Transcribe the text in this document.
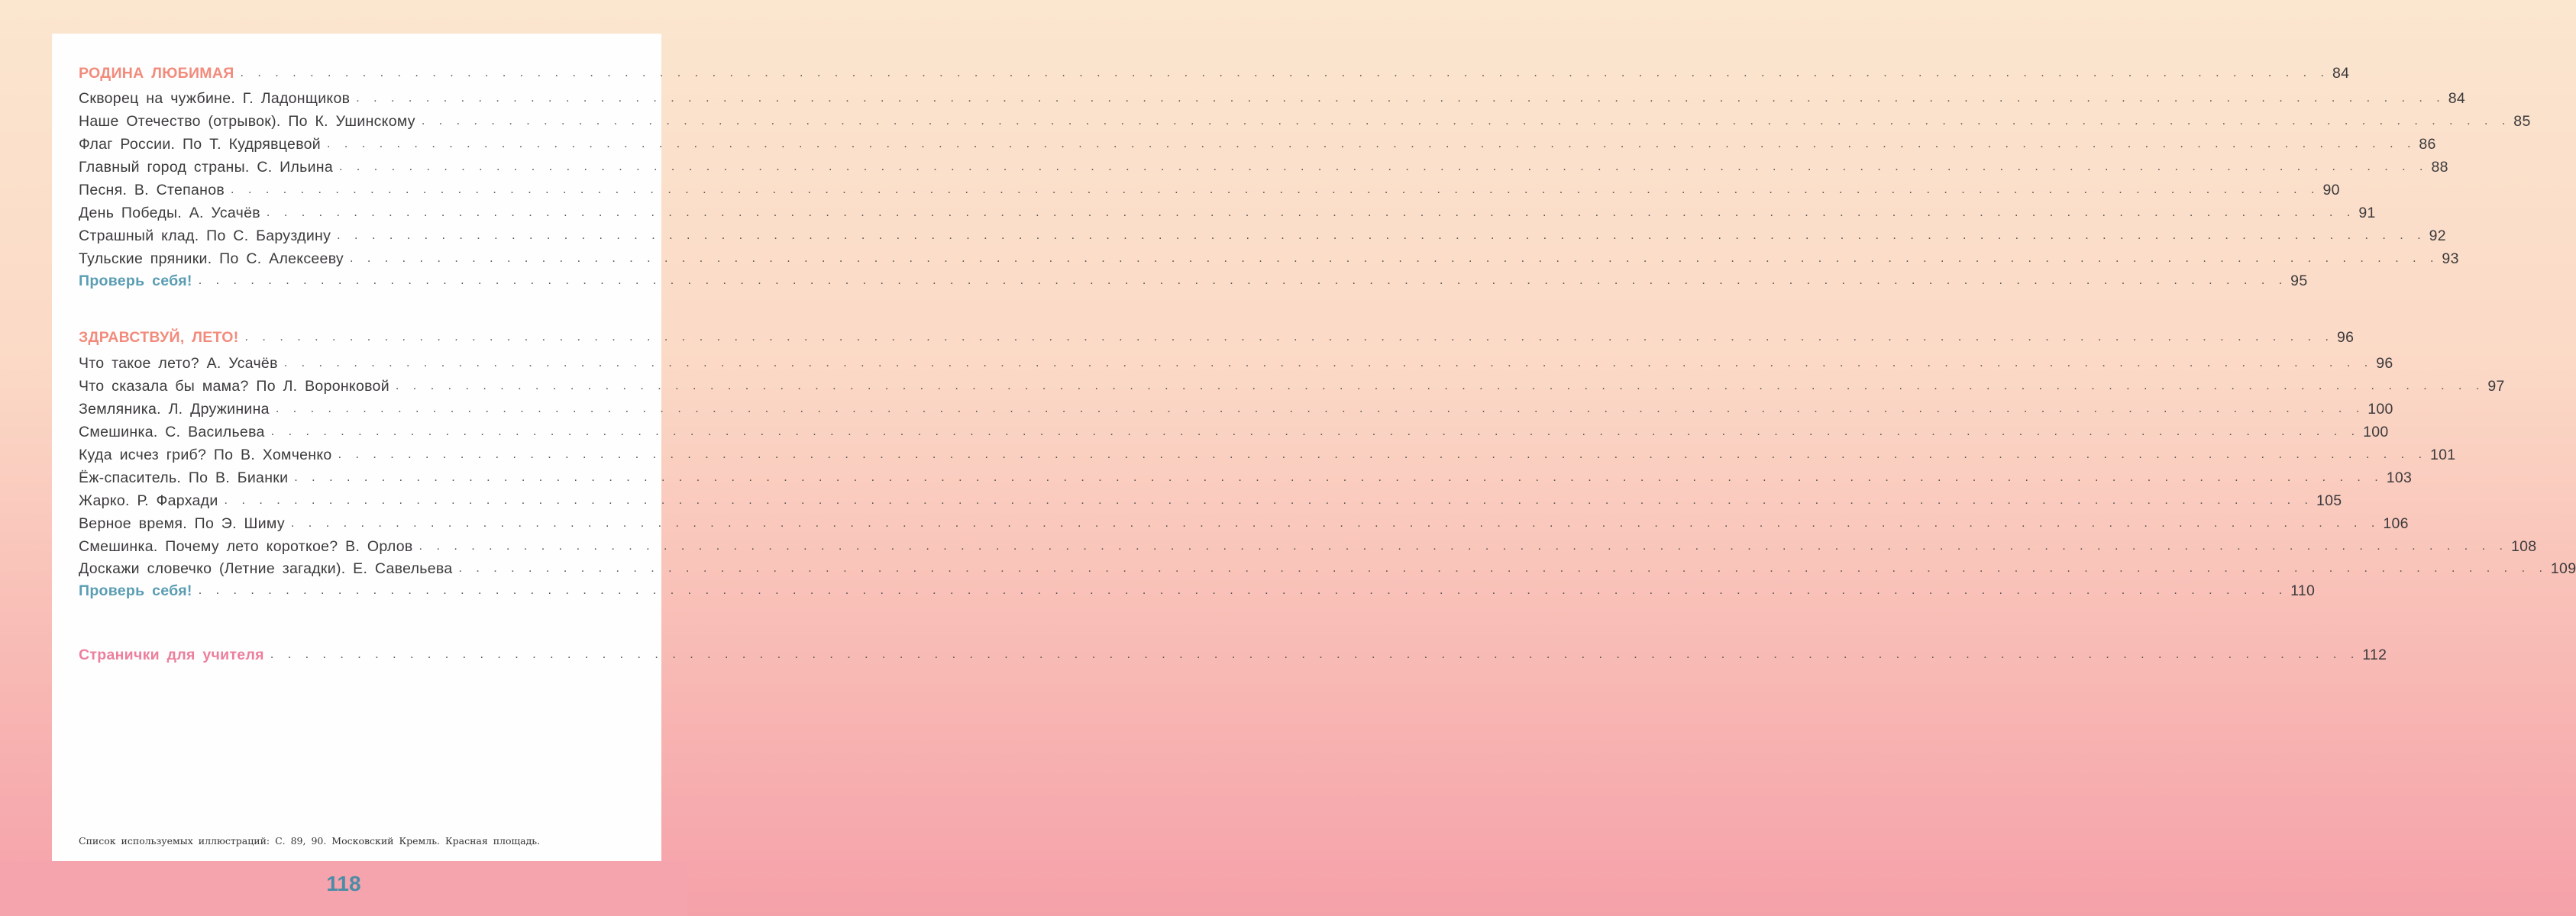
РОДИНА ЛЮБИМАЯ . . . . . . . . . . . . . . . . . . . . . . . . . . . . . . . . . . . . . . . . . . . . . . . . . . . . . . . . . . . . . . . . . . . . . . . . . . . . . . . . . . . . . . . . . . . . . . . . . . . . . . . . . . . . . . . . . . . . . . . . 84
Скворец на чужбине. Г. Ладонщиков . . . . . . . . . . . . . . . . . . . . . . . . . . . . . . . . . . . . . . . . . . . . . . . . . . . . . . . . . . . . . . . . . . . . . . . . . . . . . . . . . . . . . . . . . . . . . . . . . . . . . . . . . . . . . . . . . . . . . . . . 84
Наше Отечество (отрывок). По К. Ушинскому . . . . . . . . . . . . . . . . . . . . . . . . . . . . . . . . . . . . . . . . . . . . . . . . . . . . . . . . . . . . . . . . . . . . . . . . . . . . . . . . . . . . . . . . . . . . . . . . . . . . . . . . . . . . . . . . . . . . . . . . 85
Флаг России. По Т. Кудрявцевой . . . . . . . . . . . . . . . . . . . . . . . . . . . . . . . . . . . . . . . . . . . . . . . . . . . . . . . . . . . . . . . . . . . . . . . . . . . . . . . . . . . . . . . . . . . . . . . . . . . . . . . . . . . . . . . . . . . . . . . . 86
Главный город страны. С. Ильина . . . . . . . . . . . . . . . . . . . . . . . . . . . . . . . . . . . . . . . . . . . . . . . . . . . . . . . . . . . . . . . . . . . . . . . . . . . . . . . . . . . . . . . . . . . . . . . . . . . . . . . . . . . . . . . . . . . . . . . . 88
Песня. В. Степанов . . . . . . . . . . . . . . . . . . . . . . . . . . . . . . . . . . . . . . . . . . . . . . . . . . . . . . . . . . . . . . . . . . . . . . . . . . . . . . . . . . . . . . . . . . . . . . . . . . . . . . . . . . . . . . . . . . . . . . . . 90
День Победы. А. Усачёв . . . . . . . . . . . . . . . . . . . . . . . . . . . . . . . . . . . . . . . . . . . . . . . . . . . . . . . . . . . . . . . . . . . . . . . . . . . . . . . . . . . . . . . . . . . . . . . . . . . . . . . . . . . . . . . . . . . . . . . . 91
Страшный клад. По С. Баруздину . . . . . . . . . . . . . . . . . . . . . . . . . . . . . . . . . . . . . . . . . . . . . . . . . . . . . . . . . . . . . . . . . . . . . . . . . . . . . . . . . . . . . . . . . . . . . . . . . . . . . . . . . . . . . . . . . . . . . . . . 92
Тульские пряники. По С. Алексееву . . . . . . . . . . . . . . . . . . . . . . . . . . . . . . . . . . . . . . . . . . . . . . . . . . . . . . . . . . . . . . . . . . . . . . . . . . . . . . . . . . . . . . . . . . . . . . . . . . . . . . . . . . . . . . . . . . . . . . . . 93
Проверь себя! . . . . . . . . . . . . . . . . . . . . . . . . . . . . . . . . . . . . . . . . . . . . . . . . . . . . . . . . . . . . . . . . . . . . . . . . . . . . . . . . . . . . . . . . . . . . . . . . . . . . . . . . . . . . . . . . . . . . . . . . 95
ЗДРАВСТВУЙ, ЛЕТО! . . . . . . . . . . . . . . . . . . . . . . . . . . . . . . . . . . . . . . . . . . . . . . . . . . . . . . . . . . . . . . . . . . . . . . . . . . . . . . . . . . . . . . . . . . . . . . . . . . . . . . . . . . . . . . . . . . . . . . . . 96
Что такое лето? А. Усачёв . . . . . . . . . . . . . . . . . . . . . . . . . . . . . . . . . . . . . . . . . . . . . . . . . . . . . . . . . . . . . . . . . . . . . . . . . . . . . . . . . . . . . . . . . . . . . . . . . . . . . . . . . . . . . . . . . . . . . . . . 96
Что сказала бы мама? По Л. Воронковой . . . . . . . . . . . . . . . . . . . . . . . . . . . . . . . . . . . . . . . . . . . . . . . . . . . . . . . . . . . . . . . . . . . . . . . . . . . . . . . . . . . . . . . . . . . . . . . . . . . . . . . . . . . . . . . . . . . . . . . . 97
Земляника. Л. Дружинина . . . . . . . . . . . . . . . . . . . . . . . . . . . . . . . . . . . . . . . . . . . . . . . . . . . . . . . . . . . . . . . . . . . . . . . . . . . . . . . . . . . . . . . . . . . . . . . . . . . . . . . . . . . . . . . . . . . . . . . . 100
Смешинка. С. Васильева . . . . . . . . . . . . . . . . . . . . . . . . . . . . . . . . . . . . . . . . . . . . . . . . . . . . . . . . . . . . . . . . . . . . . . . . . . . . . . . . . . . . . . . . . . . . . . . . . . . . . . . . . . . . . . . . . . . . . . . . 100
Куда исчез гриб? По В. Хомченко . . . . . . . . . . . . . . . . . . . . . . . . . . . . . . . . . . . . . . . . . . . . . . . . . . . . . . . . . . . . . . . . . . . . . . . . . . . . . . . . . . . . . . . . . . . . . . . . . . . . . . . . . . . . . . . . . . . . . . . . 101
Ёж-спаситель. По В. Бианки . . . . . . . . . . . . . . . . . . . . . . . . . . . . . . . . . . . . . . . . . . . . . . . . . . . . . . . . . . . . . . . . . . . . . . . . . . . . . . . . . . . . . . . . . . . . . . . . . . . . . . . . . . . . . . . . . . . . . . . . 103
Жарко. Р. Фархади . . . . . . . . . . . . . . . . . . . . . . . . . . . . . . . . . . . . . . . . . . . . . . . . . . . . . . . . . . . . . . . . . . . . . . . . . . . . . . . . . . . . . . . . . . . . . . . . . . . . . . . . . . . . . . . . . . . . . . . . 105
Верное время. По Э. Шиму . . . . . . . . . . . . . . . . . . . . . . . . . . . . . . . . . . . . . . . . . . . . . . . . . . . . . . . . . . . . . . . . . . . . . . . . . . . . . . . . . . . . . . . . . . . . . . . . . . . . . . . . . . . . . . . . . . . . . . . . 106
Смешинка. Почему лето короткое? В. Орлов . . . . . . . . . . . . . . . . . . . . . . . . . . . . . . . . . . . . . . . . . . . . . . . . . . . . . . . . . . . . . . . . . . . . . . . . . . . . . . . . . . . . . . . . . . . . . . . . . . . . . . . . . . . . . . . . . . . . . . . . 108
Доскажи словечко (Летние загадки). Е. Савельева . . . . . . . . . . . . . . . . . . . . . . . . . . . . . . . . . . . . . . . . . . . . . . . . . . . . . . . . . . . . . . . . . . . . . . . . . . . . . . . . . . . . . . . . . . . . . . . . . . . . . . . . . . . . . . . . . . . . . . . . 109
Проверь себя! . . . . . . . . . . . . . . . . . . . . . . . . . . . . . . . . . . . . . . . . . . . . . . . . . . . . . . . . . . . . . . . . . . . . . . . . . . . . . . . . . . . . . . . . . . . . . . . . . . . . . . . . . . . . . . . . . . . . . . . . 110
Странички для учителя . . . . . . . . . . . . . . . . . . . . . . . . . . . . . . . . . . . . . . . . . . . . . . . . . . . . . . . . . . . . . . . . . . . . . . . . . . . . . . . . . . . . . . . . . . . . . . . . . . . . . . . . . . . . . . . . . . . . . . . . 112
Список используемых иллюстраций: С. 89, 90. Московский Кремль. Красная площадь.
118
